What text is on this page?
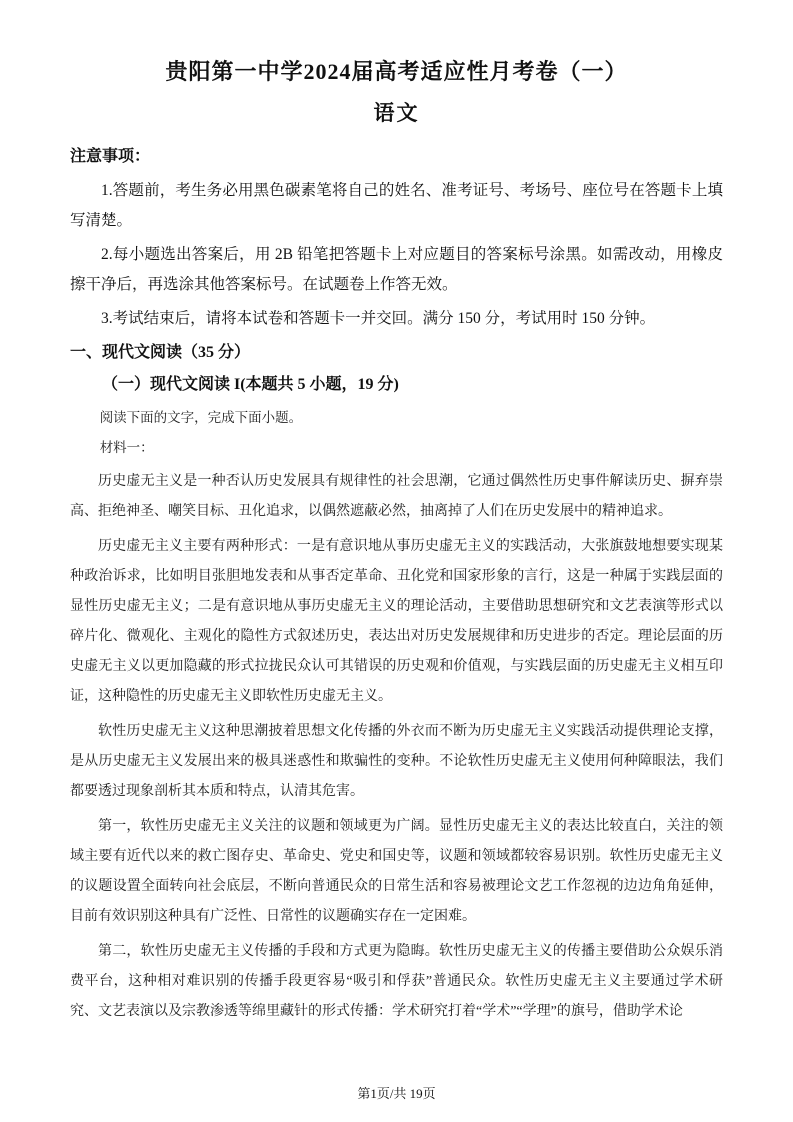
贵阳第一中学2024届高考适应性月考卷（一）
语文

注意事项：

1.答题前，考生务必用黑色碳素笔将自己的姓名、准考证号、考场号、座位号在答题卡上填写清楚。

2.每小题选出答案后，用 2B 铅笔把答题卡上对应题目的答案标号涂黑。如需改动，用橡皮擦干净后，再选涂其他答案标号。在试题卷上作答无效。

3.考试结束后，请将本试卷和答题卡一并交回。满分 150 分，考试用时 150 分钟。

一、现代文阅读（35 分）

（一）现代文阅读 I(本题共 5 小题，19 分)

阅读下面的文字，完成下面小题。

材料一：

历史虚无主义是一种否认历史发展具有规律性的社会思潮，它通过偶然性历史事件解读历史、摒弃崇高、拒绝神圣、嘲笑目标、丑化追求，以偶然遮蔽必然，抽离掉了人们在历史发展中的精神追求。

历史虚无主义主要有两种形式：一是有意识地从事历史虚无主义的实践活动，大张旗鼓地想要实现某种政治诉求，比如明目张胆地发表和从事否定革命、丑化党和国家形象的言行，这是一种属于实践层面的显性历史虚无主义；二是有意识地从事历史虚无主义的理论活动，主要借助思想研究和文艺表演等形式以碎片化、微观化、主观化的隐性方式叙述历史，表达出对历史发展规律和历史进步的否定。理论层面的历史虚无主义以更加隐藏的形式拉拢民众认可其错误的历史观和价值观，与实践层面的历史虚无主义相互印证，这种隐性的历史虚无主义即软性历史虚无主义。

软性历史虚无主义这种思潮披着思想文化传播的外衣而不断为历史虚无主义实践活动提供理论支撑，是从历史虚无主义发展出来的极具迷惑性和欺骗性的变种。不论软性历史虚无主义使用何种障眼法，我们都要透过现象剖析其本质和特点，认清其危害。

第一，软性历史虚无主义关注的议题和领域更为广阔。显性历史虚无主义的表达比较直白，关注的领域主要有近代以来的救亡图存史、革命史、党史和国史等，议题和领域都较容易识别。软性历史虚无主义的议题设置全面转向社会底层，不断向普通民众的日常生活和容易被理论文艺工作忽视的边边角角延伸，目前有效识别这种具有广泛性、日常性的议题确实存在一定困难。

第二，软性历史虚无主义传播的手段和方式更为隐晦。软性历史虚无主义的传播主要借助公众娱乐消费平台，这种相对难识别的传播手段更容易“吸引和俘获”普通民众。软性历史虚无主义主要通过学术研究、文艺表演以及宗教渗透等绵里藏针的形式传播：学术研究打着“学术”“学理”的旗号，借助学术论

第1页/共 19页
